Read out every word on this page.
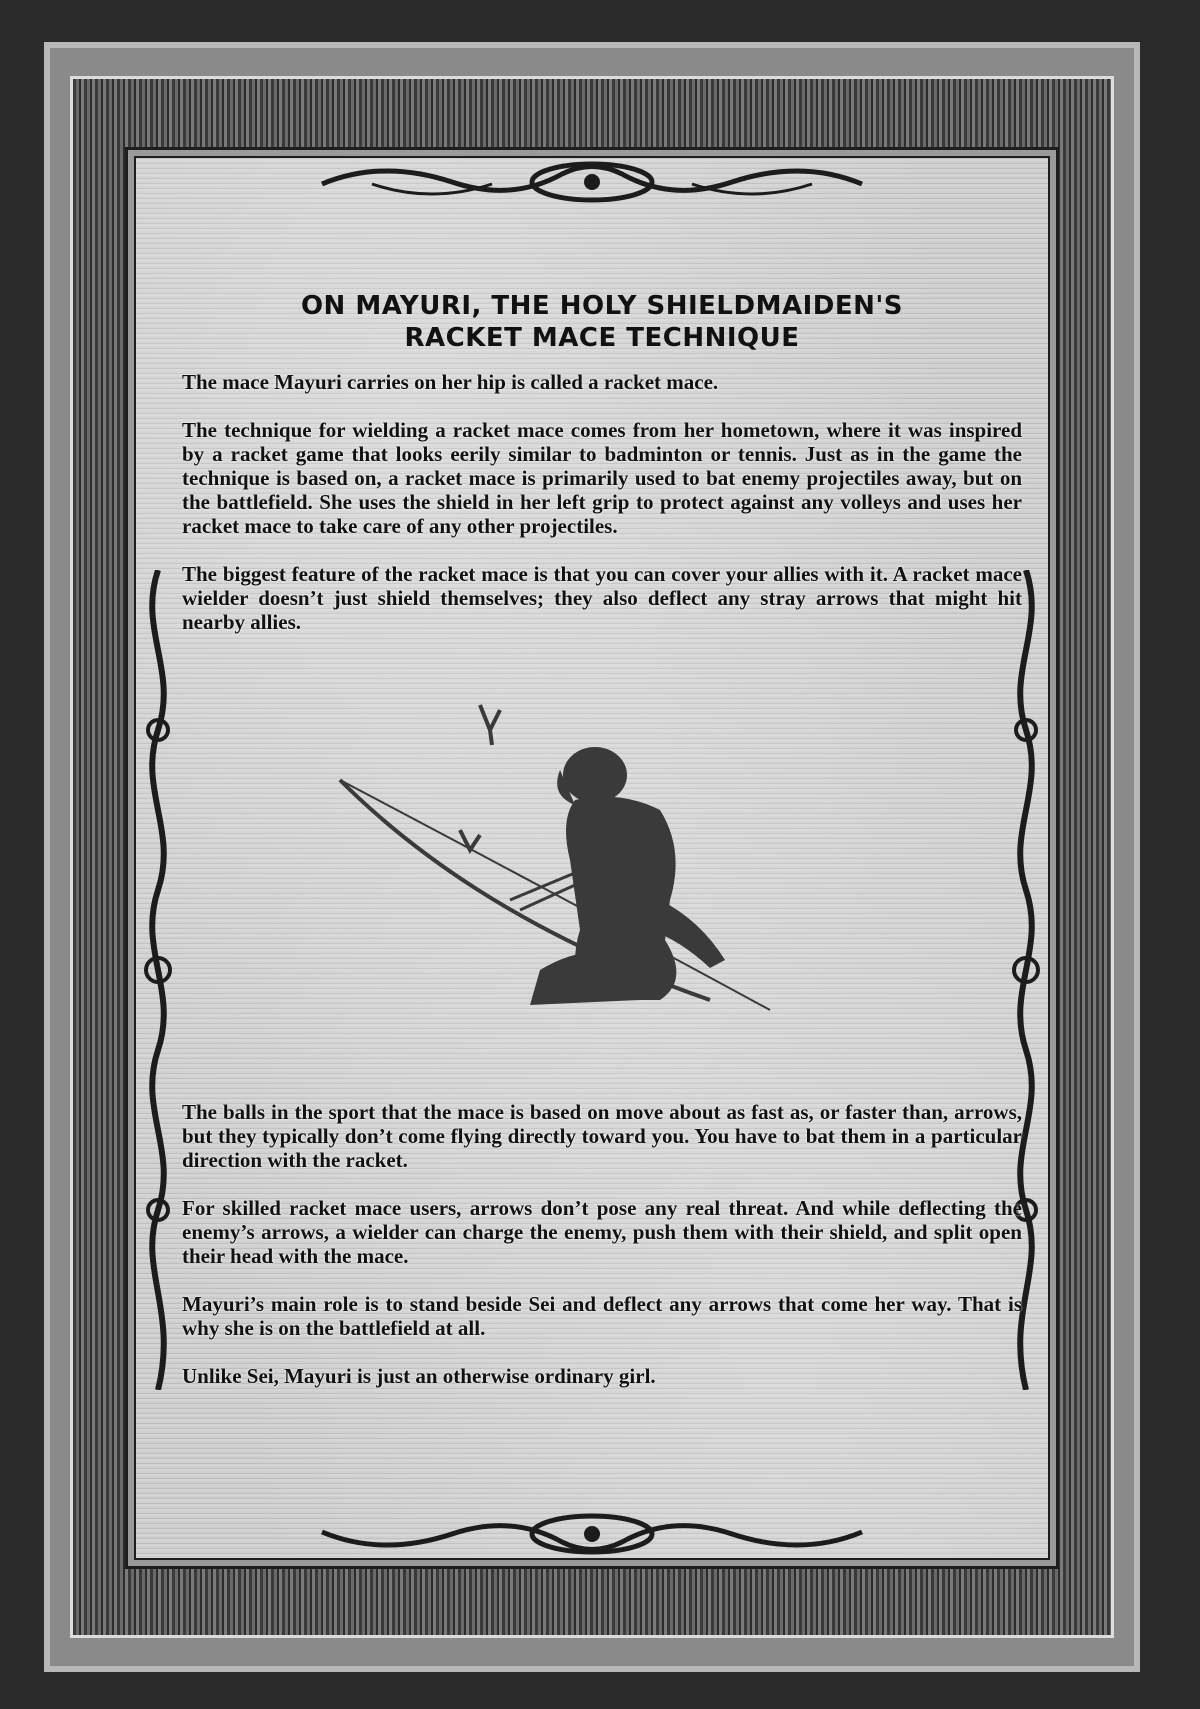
ON MAYURI, THE HOLY SHIELDMAIDEN'S
RACKET MACE TECHNIQUE

The mace Mayuri carries on her hip is called a racket mace.

The technique for wielding a racket mace comes from her hometown, where it was inspired by a racket game that looks eerily similar to badminton or tennis. Just as in the game the technique is based on, a racket mace is primarily used to bat enemy projectiles away, but on the battlefield. She uses the shield in her left grip to protect against any volleys and uses her racket mace to take care of any other projectiles.

The biggest feature of the racket mace is that you can cover your allies with it. A racket mace wielder doesn’t just shield themselves; they also deflect any stray arrows that might hit nearby allies.

The balls in the sport that the mace is based on move about as fast as, or faster than, arrows, but they typically don’t come flying directly toward you. You have to bat them in a particular direction with the racket.

For skilled racket mace users, arrows don’t pose any real threat. And while deflecting the enemy’s arrows, a wielder can charge the enemy, push them with their shield, and split open their head with the mace.

Mayuri’s main role is to stand beside Sei and deflect any arrows that come her way. That is why she is on the battlefield at all.

Unlike Sei, Mayuri is just an otherwise ordinary girl.
